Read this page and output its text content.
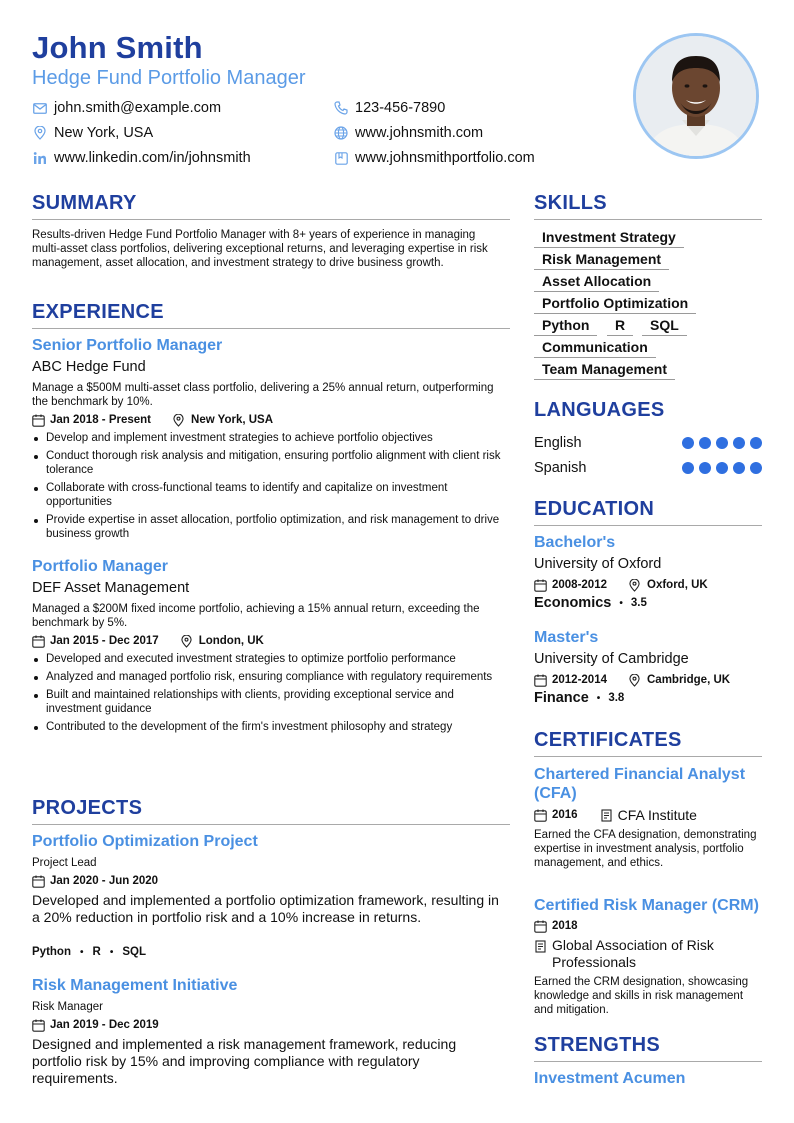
John Smith
Hedge Fund Portfolio Manager
john.smith@example.com	123-456-7890
New York, USA	www.johnsmith.com
www.linkedin.com/in/johnsmith	www.johnsmithportfolio.com
SUMMARY
Results-driven Hedge Fund Portfolio Manager with 8+ years of experience in managing multi-asset class portfolios, delivering exceptional returns, and leveraging expertise in risk management, asset allocation, and investment strategy to drive business growth.
EXPERIENCE
Senior Portfolio Manager
ABC Hedge Fund
Manage a $500M multi-asset class portfolio, delivering a 25% annual return, outperforming the benchmark by 10%.
Jan 2018 - Present	New York, USA
Develop and implement investment strategies to achieve portfolio objectives
Conduct thorough risk analysis and mitigation, ensuring portfolio alignment with client risk tolerance
Collaborate with cross-functional teams to identify and capitalize on investment opportunities
Provide expertise in asset allocation, portfolio optimization, and risk management to drive business growth
Portfolio Manager
DEF Asset Management
Managed a $200M fixed income portfolio, achieving a 15% annual return, exceeding the benchmark by 5%.
Jan 2015 - Dec 2017	London, UK
Developed and executed investment strategies to optimize portfolio performance
Analyzed and managed portfolio risk, ensuring compliance with regulatory requirements
Built and maintained relationships with clients, providing exceptional service and investment guidance
Contributed to the development of the firm's investment philosophy and strategy
PROJECTS
Portfolio Optimization Project
Project Lead
Jan 2020 - Jun 2020
Developed and implemented a portfolio optimization framework, resulting in a 20% reduction in portfolio risk and a 10% increase in returns.
Python • R • SQL
Risk Management Initiative
Risk Manager
Jan 2019 - Dec 2019
Designed and implemented a risk management framework, reducing portfolio risk by 15% and improving compliance with regulatory requirements.
SKILLS
Investment Strategy
Risk Management
Asset Allocation
Portfolio Optimization
Python	R	SQL
Communication
Team Management
LANGUAGES
English
Spanish
EDUCATION
Bachelor's
University of Oxford
2008-2012	Oxford, UK
Economics • 3.5
Master's
University of Cambridge
2012-2014	Cambridge, UK
Finance • 3.8
CERTIFICATES
Chartered Financial Analyst (CFA)
2016	CFA Institute
Earned the CFA designation, demonstrating expertise in investment analysis, portfolio management, and ethics.
Certified Risk Manager (CRM)
2018
Global Association of Risk Professionals
Earned the CRM designation, showcasing knowledge and skills in risk management and mitigation.
STRENGTHS
Investment Acumen
